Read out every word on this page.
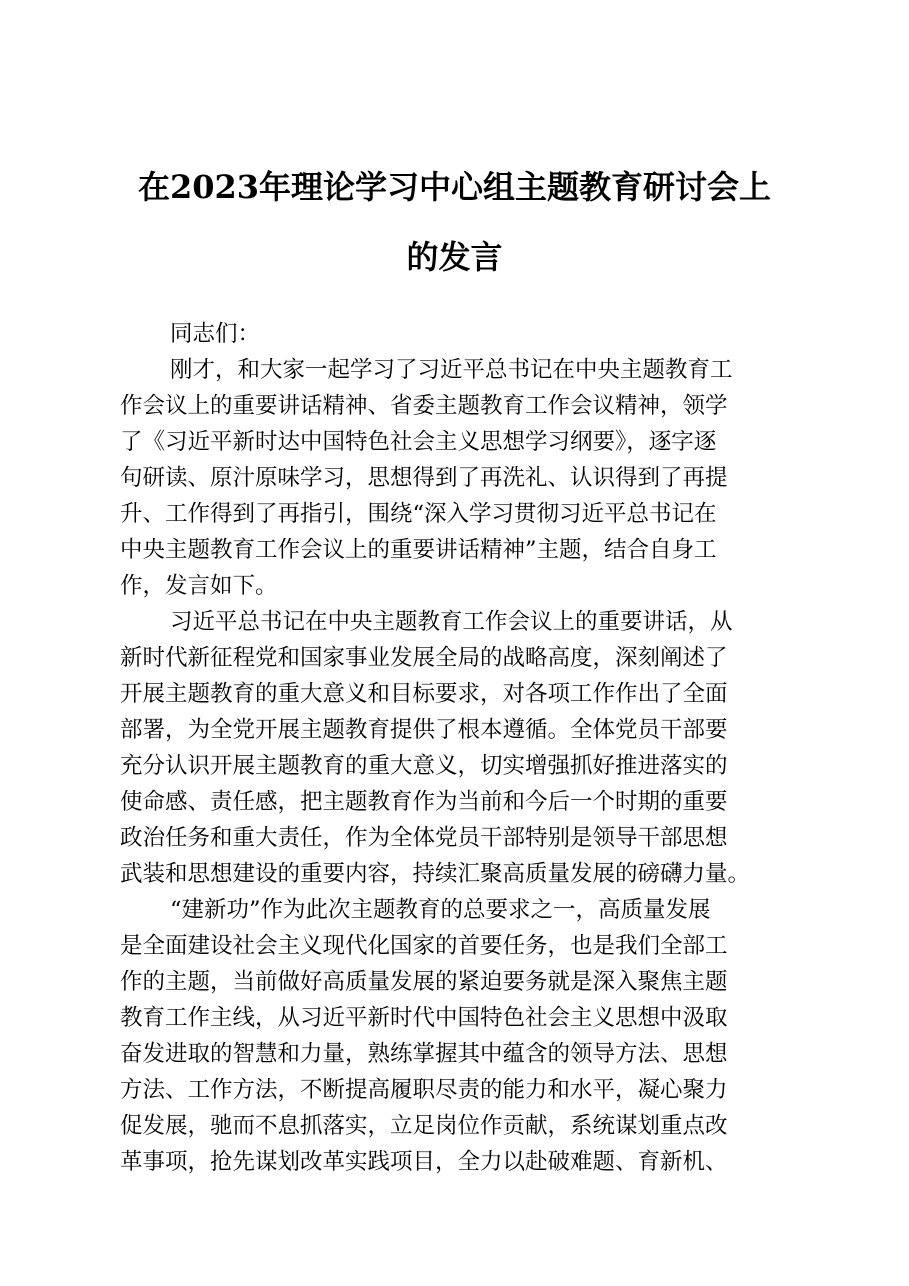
在2023年理论学习中心组主题教育研讨会上
的发言

同志们：

刚才，和大家一起学习了习近平总书记在中央主题教育工

作会议上的重要讲话精神、省委主题教育工作会议精神，领学

了《习近平新时达中国特色社会主义思想学习纲要》，逐字逐

句研读、原汁原味学习，思想得到了再洗礼、认识得到了再提

升、工作得到了再指引，围绕“深入学习贯彻习近平总书记在

中央主题教育工作会议上的重要讲话精神”主题，结合自身工

作，发言如下。

习近平总书记在中央主题教育工作会议上的重要讲话，从

新时代新征程党和国家事业发展全局的战略高度，深刻阐述了

开展主题教育的重大意义和目标要求，对各项工作作出了全面

部署，为全党开展主题教育提供了根本遵循。全体党员干部要

充分认识开展主题教育的重大意义，切实增强抓好推进落实的

使命感、责任感，把主题教育作为当前和今后一个时期的重要

政治任务和重大责任，作为全体党员干部特别是领导干部思想

武装和思想建设的重要内容，持续汇聚高质量发展的磅礴力量。

“建新功”作为此次主题教育的总要求之一，高质量发展

是全面建设社会主义现代化国家的首要任务，也是我们全部工

作的主题，当前做好高质量发展的紧迫要务就是深入聚焦主题

教育工作主线，从习近平新时代中国特色社会主义思想中汲取

奋发进取的智慧和力量，熟练掌握其中蕴含的领导方法、思想

方法、工作方法，不断提高履职尽责的能力和水平，凝心聚力

促发展，驰而不息抓落实，立足岗位作贡献，系统谋划重点改

革事项，抢先谋划改革实践项目，全力以赴破难题、育新机、
